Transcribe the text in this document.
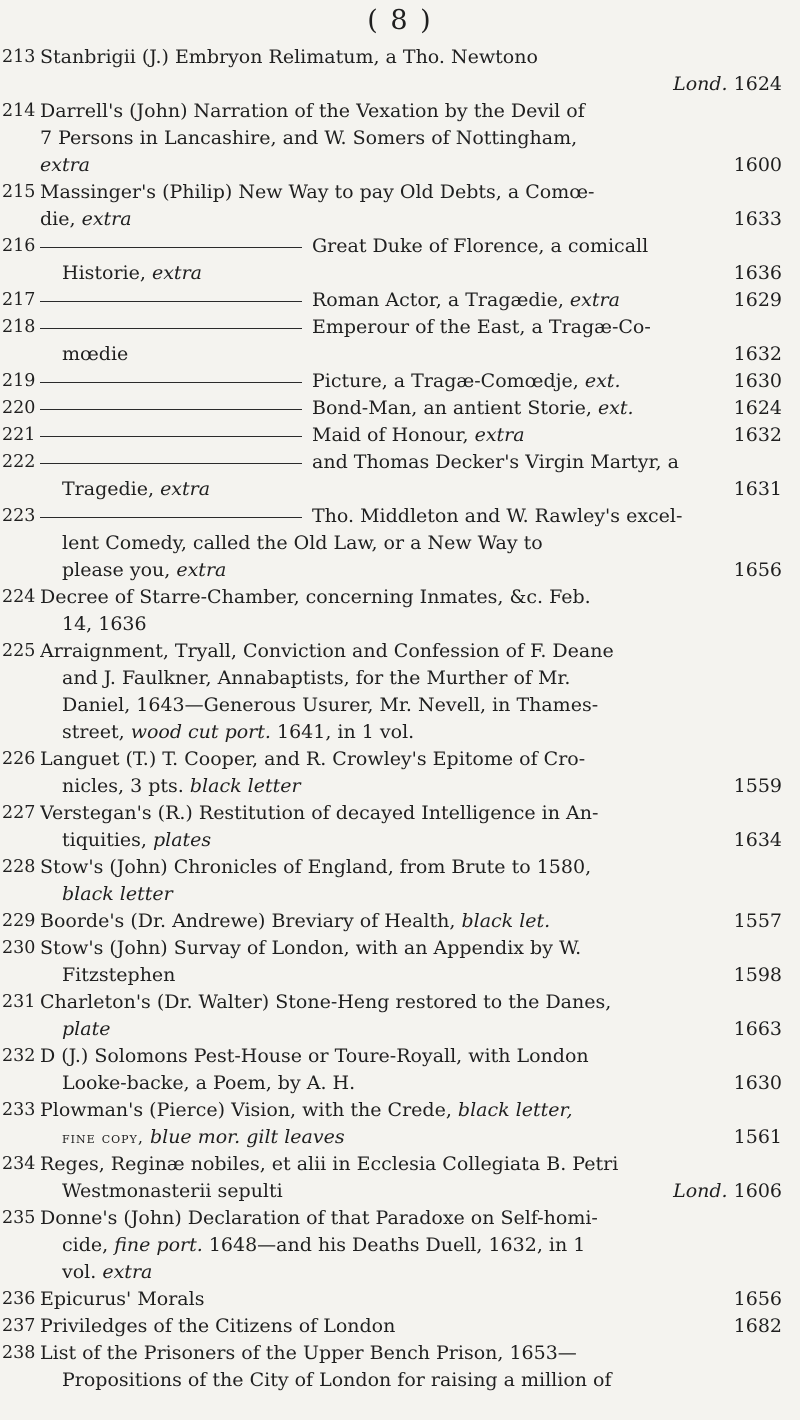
( 8 )
213 Stanbrigii (J.) Embryon Relimatum, a Tho. Newtono
Lond. 1624
214 Darrell's (John) Narration of the Vexation by the Devil of
7 Persons in Lancashire, and W. Somers of Nottingham,
extra	1600
215 Massinger's (Philip) New Way to pay Old Debts, a Comœ-
die, extra	1633
216	Great Duke of Florence, a comicall
Historie, extra	1636
217	Roman Actor, a Tragædie, extra	1629
218	Emperour of the East, a Tragæ-Co-
mœdie	1632
219	Picture, a Tragæ-Comœdje, ext.	1630
220	Bond-Man, an antient Storie, ext.	1624
221	Maid of Honour, extra	1632
222	and Thomas Decker's Virgin Martyr, a
Tragedie, extra	1631
223	Tho. Middleton and W. Rawley's excel-
lent Comedy, called the Old Law, or a New Way to
please you, extra	1656
224 Decree of Starre-Chamber, concerning Inmates, &c. Feb.
14, 1636
225 Arraignment, Tryall, Conviction and Confession of F. Deane
and J. Faulkner, Annabaptists, for the Murther of Mr.
Daniel, 1643—Generous Usurer, Mr. Nevell, in Thames-
street, wood cut port. 1641, in 1 vol.
226 Languet (T.) T. Cooper, and R. Crowley's Epitome of Cro-
nicles, 3 pts. black letter	1559
227 Verstegan's (R.) Restitution of decayed Intelligence in An-
tiquities, plates	1634
228 Stow's (John) Chronicles of England, from Brute to 1580,
black letter
229 Boorde's (Dr. Andrewe) Breviary of Health, black let.	1557
230 Stow's (John) Survay of London, with an Appendix by W.
Fitzstephen	1598
231 Charleton's (Dr. Walter) Stone-Heng restored to the Danes,
plate	1663
232 D (J.) Solomons Pest-House or Toure-Royall, with London
Looke-backe, a Poem, by A. H.	1630
233 Plowman's (Pierce) Vision, with the Crede, black letter,
fine copy, blue mor. gilt leaves	1561
234 Reges, Reginæ nobiles, et alii in Ecclesia Collegiata B. Petri
Westmonasterii sepulti	Lond. 1606
235 Donne's (John) Declaration of that Paradoxe on Self-homi-
cide, fine port. 1648—and his Deaths Duell, 1632, in 1
vol. extra
236 Epicurus' Morals	1656
237 Priviledges of the Citizens of London	1682
238 List of the Prisoners of the Upper Bench Prison, 1653—
Propositions of the City of London for raising a million of
